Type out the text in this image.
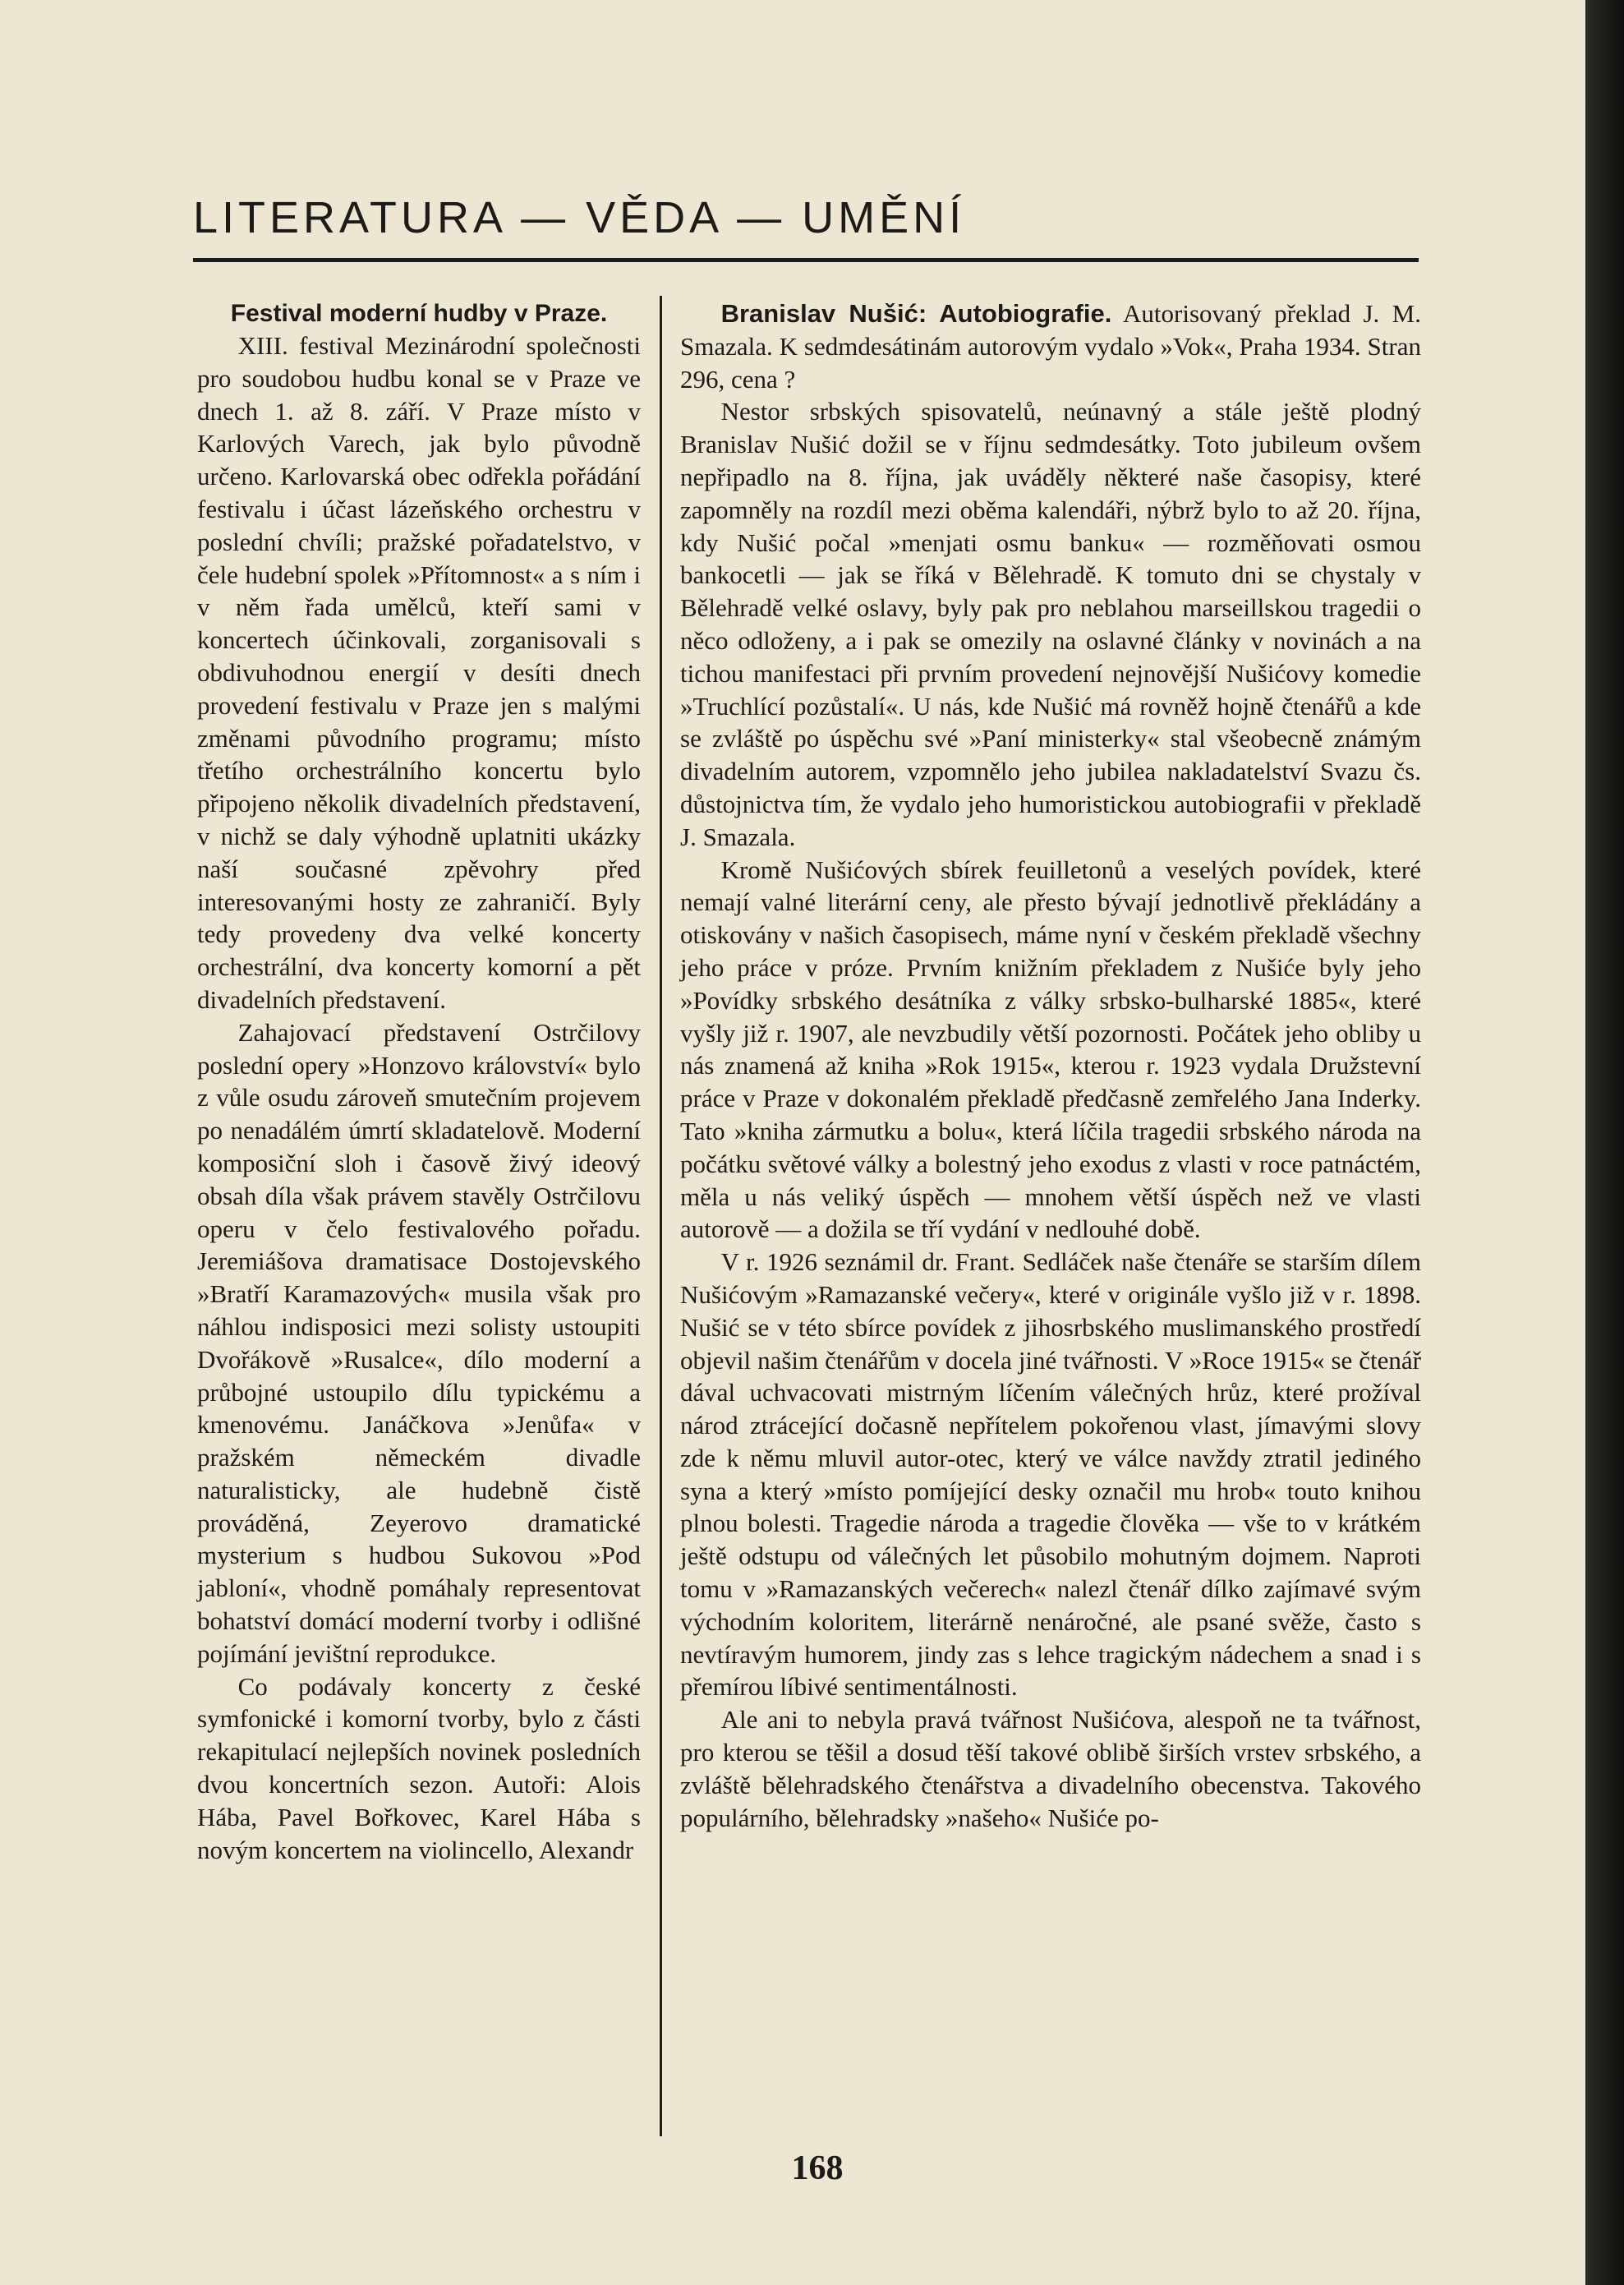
LITERATURA — VĚDA — UMĚNÍ
Festival moderní hudby v Praze.

XIII. festival Mezinárodní společnosti pro soudobou hudbu konal se v Praze ve dnech 1. až 8. září. V Praze místo v Karlových Varech, jak bylo původně určeno. Karlovarská obec odřekla pořádání festivalu i účast lázeňského orchestru v poslední chvíli; pražské pořadatelstvo, v čele hudební spolek »Přítomnost« a s ním i v něm řada umělců, kteří sami v koncertech účinkovali, zorganisovali s obdivuhodnou energií v desíti dnech provedení festivalu v Praze jen s malými změnami původního programu; místo třetího orchestrálního koncertu bylo připojeno několik divadelních představení, v nichž se daly výhodně uplatniti ukázky naší současné zpěvohry před interesovanými hosty ze zahraničí. Byly tedy provedeny dva velké koncerty orchestrální, dva koncerty komorní a pět divadelních představení.

Zahajovací představení Ostrčilovy poslední opery »Honzovo království« bylo z vůle osudu zároveň smutečním projevem po nenadálém úmrtí skladatelově. Moderní komposiční sloh i časově živý ideový obsah díla však právem stavěly Ostrčilovu operu v čelo festivalového pořadu. Jeremiášova dramatisace Dostojevského »Bratří Karamazových« musila však pro náhlou indisposici mezi solisty ustoupiti Dvořákově »Rusalce«, dílo moderní a průbojné ustoupilo dílu typickému a kmenovému. Janáčkova »Jenůfa« v pražském německém divadle naturalisticky, ale hudebně čistě prováděná, Zeyerovo dramatické mysterium s hudbou Sukovou »Pod jabloní«, vhodně pomáhaly representovat bohatství domácí moderní tvorby i odlišné pojímání jevištní reprodukce.

Co podávaly koncerty z české symfonické i komorní tvorby, bylo z části rekapitulací nejlepších novinek posledních dvou koncertních sezon. Autoři: Alois Hába, Pavel Bořkovec, Karel Hába s novým koncertem na violincello, Alexandr

Branislav Nušić: Autobiografie. Autorisovaný překlad J. M. Smazala. K sedmdesátinám autorovým vydalo »Vok«, Praha 1934. Stran 296, cena ?

Nestor srbských spisovatelů, neúnavný a stále ještě plodný Branislav Nušić dožil se v říjnu sedmdesátky. Toto jubileum ovšem nepřipadlo na 8. října, jak uváděly některé naše časopisy, které zapomněly na rozdíl mezi oběma kalendáři, nýbrž bylo to až 20. října, kdy Nušić počal »menjati osmu banku« — rozměňovati osmou bankocetli — jak se říká v Bělehradě. K tomuto dni se chystaly v Bělehradě velké oslavy, byly pak pro neblahou marseillskou tragedii o něco odloženy, a i pak se omezily na oslavné články v novinách a na tichou manifestaci při prvním provedení nejnovější Nušićovy komedie »Truchlící pozůstalí«. U nás, kde Nušić má rovněž hojně čtenářů a kde se zvláště po úspěchu své »Paní ministerky« stal všeobecně známým divadelním autorem, vzpomnělo jeho jubilea nakladatelství Svazu čs. důstojnictva tím, že vydalo jeho humoristickou autobiografii v překladě J. Smazala.

Kromě Nušićových sbírek feuilletonů a veselých povídek, které nemají valné literární ceny, ale přesto bývají jednotlivě překládány a otiskovány v našich časopisech, máme nyní v českém překladě všechny jeho práce v próze. Prvním knižním překladem z Nušiće byly jeho »Povídky srbského desátníka z války srbsko-bulharské 1885«, které vyšly již r. 1907, ale nevzbudily větší pozornosti. Počátek jeho obliby u nás znamená až kniha »Rok 1915«, kterou r. 1923 vydala Družstevní práce v Praze v dokonalém překladě předčasně zemřelého Jana Inderky. Tato »kniha zármutku a bolu«, která líčila tragedii srbského národa na počátku světové války a bolestný jeho exodus z vlasti v roce patnáctém, měla u nás veliký úspěch — mnohem větší úspěch než ve vlasti autorově — a dožila se tří vydání v nedlouhé době.

V r. 1926 seznámil dr. Frant. Sedláček naše čtenáře se starším dílem Nušićovým »Ramazanské večery«, které v originále vyšlo již v r. 1898. Nušić se v této sbírce povídek z jihosrbského muslimanského prostředí objevil našim čtenářům v docela jiné tvářnosti. V »Roce 1915« se čtenář dával uchvacovati mistrným líčením válečných hrůz, které prožíval národ ztrácející dočasně nepřítelem pokořenou vlast, jímavými slovy zde k němu mluvil autor-otec, který ve válce navždy ztratil jediného syna a který »místo pomíjející desky označil mu hrob« touto knihou plnou bolesti. Tragedie národa a tragedie člověka — vše to v krátkém ještě odstupu od válečných let působilo mohutným dojmem. Naproti tomu v »Ramazanských večerech« nalezl čtenář dílko zajímavé svým východním koloritem, literárně nenáročné, ale psané svěže, často s nevtíravým humorem, jindy zas s lehce tragickým nádechem a snad i s přemírou líbivé sentimentálnosti.

Ale ani to nebyla pravá tvářnost Nušićova, alespoň ne ta tvářnost, pro kterou se těšil a dosud těší takové oblibě širších vrstev srbského, a zvláště bělehradského čtenářstva a divadelního obecenstva. Takového populárního, bělehradsky »našeho« Nušiće po-

168
